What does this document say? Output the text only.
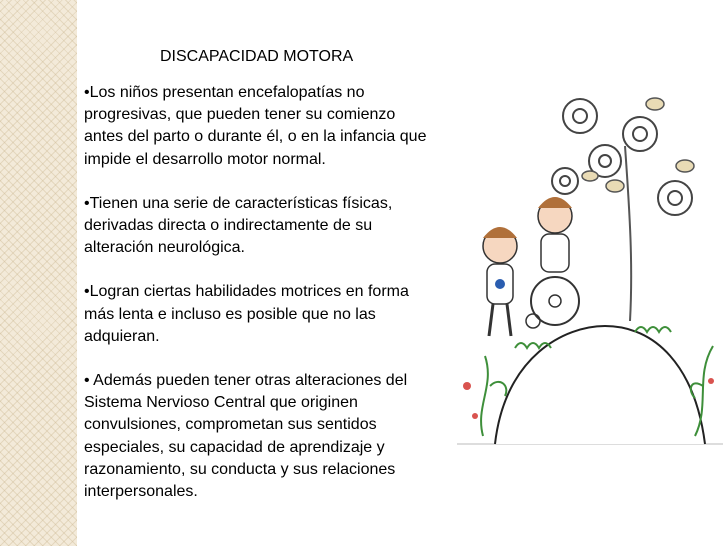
DISCAPACIDAD MOTORA

•Los niños presentan encefalopatías no progresivas, que pueden tener su comienzo antes del parto o durante él, o en la infancia que impide el desarrollo motor normal.

•Tienen una serie de características físicas, derivadas directa o indirectamente de su alteración neurológica.

•Logran ciertas habilidades motrices en forma más lenta e incluso es posible que no las adquieran.

• Además pueden tener otras alteraciones del Sistema Nervioso Central que originen convulsiones, comprometan sus sentidos especiales, su capacidad de aprendizaje y razonamiento, su conducta y sus relaciones interpersonales.
